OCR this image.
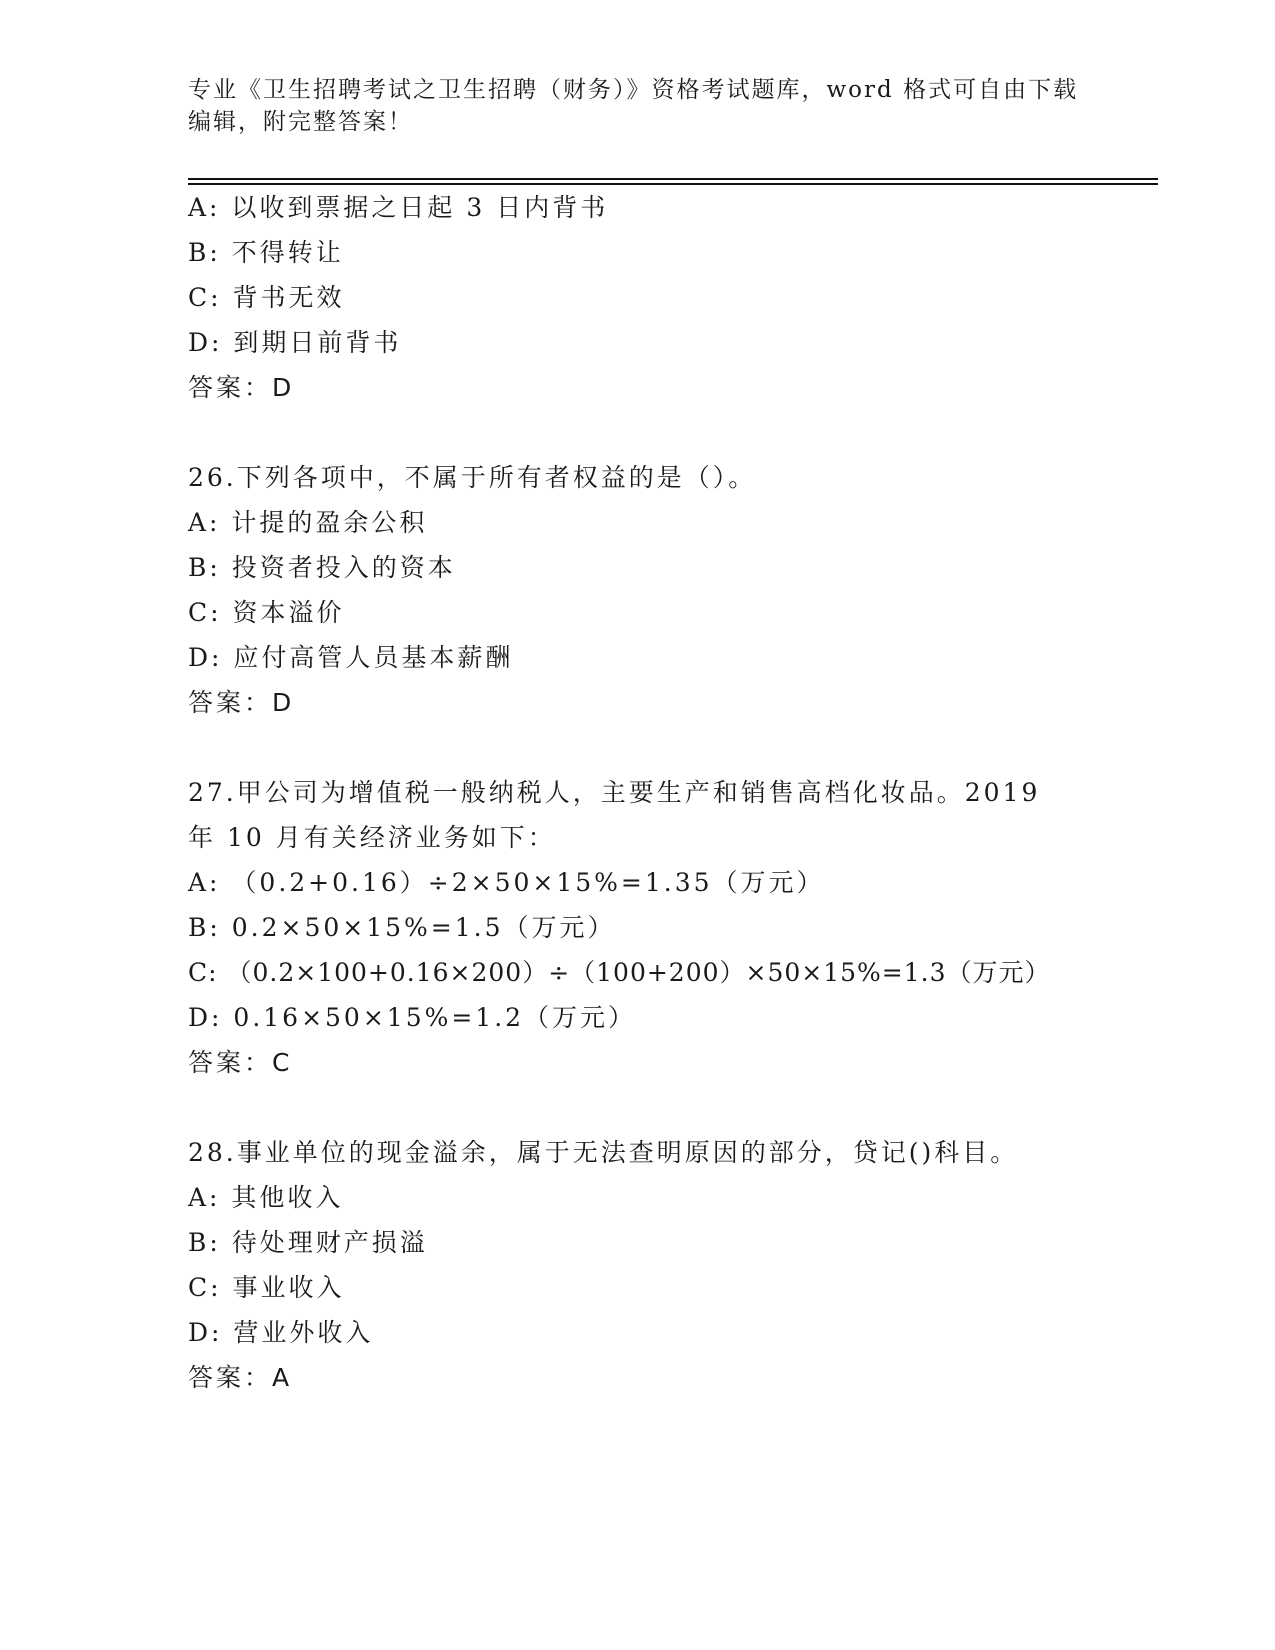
专业《卫生招聘考试之卫生招聘（财务）》资格考试题库，word 格式可自由下载
编辑，附完整答案！
A: 以收到票据之日起 3 日内背书
B: 不得转让
C: 背书无效
D: 到期日前背书
答案：D
26.下列各项中，不属于所有者权益的是（）。
A: 计提的盈余公积
B: 投资者投入的资本
C: 资本溢价
D: 应付高管人员基本薪酬
答案：D
27.甲公司为增值税一般纳税人，主要生产和销售高档化妆品。2019
年 10 月有关经济业务如下：
A: （0.2+0.16）÷2×50×15%=1.35（万元）
B: 0.2×50×15%=1.5（万元）
C: （0.2×100+0.16×200）÷（100+200）×50×15%=1.3（万元）
D: 0.16×50×15%=1.2（万元）
答案：C
28.事业单位的现金溢余，属于无法查明原因的部分，贷记()科目。
A: 其他收入
B: 待处理财产损溢
C: 事业收入
D: 营业外收入
答案：A
